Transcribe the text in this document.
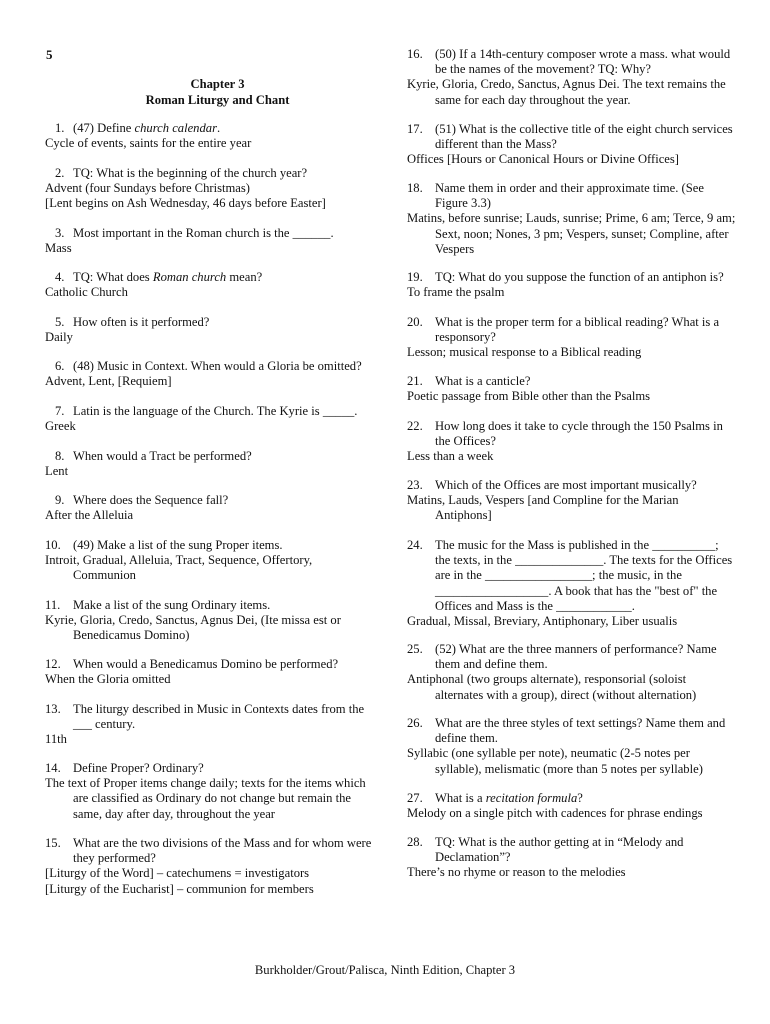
5
Chapter 3
Roman Liturgy and Chant
1. (47) Define church calendar.
Cycle of events, saints for the entire year
2. TQ: What is the beginning of the church year?
Advent (four Sundays before Christmas)
[Lent begins on Ash Wednesday, 46 days before Easter]
3. Most important in the Roman church is the ______.
Mass
4. TQ: What does Roman church mean?
Catholic Church
5. How often is it performed?
Daily
6. (48) Music in Context. When would a Gloria be omitted?
Advent, Lent, [Requiem]
7. Latin is the language of the Church. The Kyrie is _____.
Greek
8. When would a Tract be performed?
Lent
9. Where does the Sequence fall?
After the Alleluia
10. (49) Make a list of the sung Proper items.
Introit, Gradual, Alleluia, Tract, Sequence, Offertory, Communion
11. Make a list of the sung Ordinary items.
Kyrie, Gloria, Credo, Sanctus, Agnus Dei, (Ite missa est or Benedicamus Domino)
12. When would a Benedicamus Domino be performed?
When the Gloria omitted
13. The liturgy described in Music in Contexts dates from the ___ century.
11th
14. Define Proper? Ordinary?
The text of Proper items change daily; texts for the items which are classified as Ordinary do not change but remain the same, day after day, throughout the year
15. What are the two divisions of the Mass and for whom were they performed?
[Liturgy of the Word] – catechumens = investigators
[Liturgy of the Eucharist] – communion for members
16. (50) If a 14th-century composer wrote a mass. what would be the names of the movement? TQ: Why?
Kyrie, Gloria, Credo, Sanctus, Agnus Dei. The text remains the same for each day throughout the year.
17. (51) What is the collective title of the eight church services different than the Mass?
Offices [Hours or Canonical Hours or Divine Offices]
18. Name them in order and their approximate time. (See Figure 3.3)
Matins, before sunrise; Lauds, sunrise; Prime, 6 am; Terce, 9 am; Sext, noon; Nones, 3 pm; Vespers, sunset; Compline, after Vespers
19. TQ: What do you suppose the function of an antiphon is?
To frame the psalm
20. What is the proper term for a biblical reading? What is a responsory?
Lesson; musical response to a Biblical reading
21. What is a canticle?
Poetic passage from Bible other than the Psalms
22. How long does it take to cycle through the 150 Psalms in the Offices?
Less than a week
23. Which of the Offices are most important musically?
Matins, Lauds, Vespers [and Compline for the Marian Antiphons]
24. The music for the Mass is published in the __________; the texts, in the ______________. The texts for the Offices are in the _________________; the music, in the __________________. A book that has the "best of" the Offices and Mass is the ____________.
Gradual, Missal, Breviary, Antiphonary, Liber usualis
25. (52) What are the three manners of performance? Name them and define them.
Antiphonal (two groups alternate), responsorial (soloist alternates with a group), direct (without alternation)
26. What are the three styles of text settings? Name them and define them.
Syllabic (one syllable per note), neumatic (2-5 notes per syllable), melismatic (more than 5 notes per syllable)
27. What is a recitation formula?
Melody on a single pitch with cadences for phrase endings
28. TQ: What is the author getting at in “Melody and Declamation”?
There’s no rhyme or reason to the melodies
Burkholder/Grout/Palisca, Ninth Edition, Chapter 3
